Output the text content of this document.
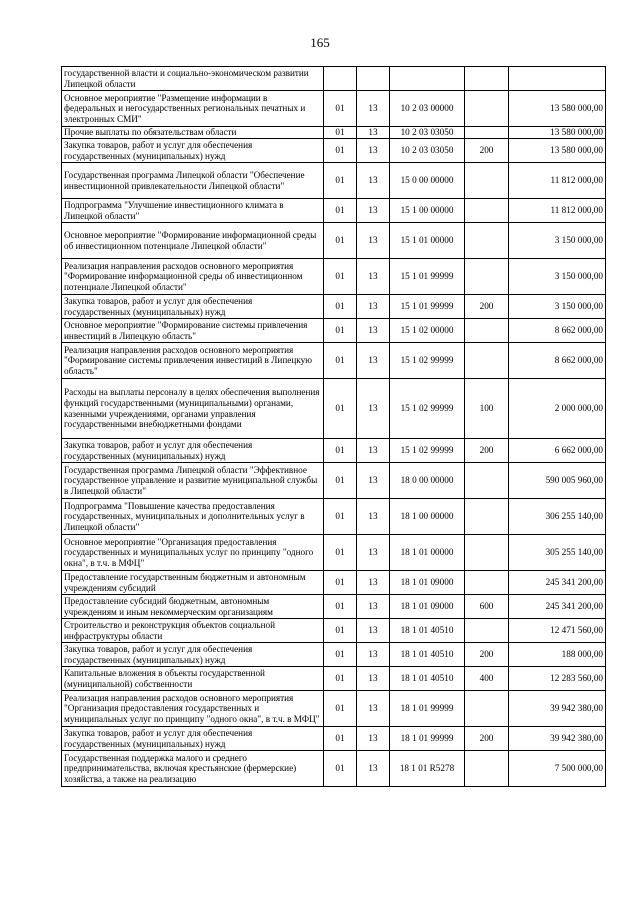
165
государственной власти и социально-экономическом развитии Липецкой области					
Основное мероприятие "Размещение информации в федеральных и негосударственных региональных печатных и электронных СМИ"	01	13	10 2 03 00000		13 580 000,00
Прочие выплаты по обязательствам области	01	13	10 2 03 03050		13 580 000,00
Закупка товаров, работ и услуг для обеспечения государственных (муниципальных) нужд	01	13	10 2 03 03050	200	13 580 000,00
Государственная программа Липецкой области "Обеспечение инвестиционной привлекательности Липецкой области"	01	13	15 0 00 00000		11 812 000,00
Подпрограмма "Улучшение инвестиционного климата в Липецкой области"	01	13	15 1 00 00000		11 812 000,00
Основное мероприятие "Формирование информационной среды об инвестиционном потенциале Липецкой области"	01	13	15 1 01 00000		3 150 000,00
Реализация направления расходов основного мероприятия "Формирование информационной среды об инвестиционном потенциале Липецкой области"	01	13	15 1 01 99999		3 150 000,00
Закупка товаров, работ и услуг для обеспечения государственных (муниципальных) нужд	01	13	15 1 01 99999	200	3 150 000,00
Основное мероприятие "Формирование системы привлечения инвестиций в Липецкую область"	01	13	15 1 02 00000		8 662 000,00
Реализация направления расходов основного мероприятия "Формирование системы привлечения инвестиций в Липецкую область"	01	13	15 1 02 99999		8 662 000,00
Расходы на выплаты персоналу в целях обеспечения выполнения функций государственными (муниципальными) органами, казенными учреждениями, органами управления государственными внебюджетными фондами	01	13	15 1 02 99999	100	2 000 000,00
Закупка товаров, работ и услуг для обеспечения государственных (муниципальных) нужд	01	13	15 1 02 99999	200	6 662 000,00
Государственная программа Липецкой области "Эффективное государственное управление и развитие муниципальной службы в Липецкой области"	01	13	18 0 00 00000		590 005 960,00
Подпрограмма "Повышение качества предоставления государственных, муниципальных и дополнительных услуг в Липецкой области"	01	13	18 1 00 00000		306 255 140,00
Основное мероприятие "Организация предоставления государственных и муниципальных услуг по принципу "одного окна", в т.ч. в МФЦ"	01	13	18 1 01 00000		305 255 140,00
Предоставление государственным бюджетным и автономным учреждениям субсидий	01	13	18 1 01 09000		245 341 200,00
Предоставление субсидий бюджетным, автономным учреждениям и иным некоммерческим организациям	01	13	18 1 01 09000	600	245 341 200,00
Строительство и реконструкция объектов социальной инфраструктуры области	01	13	18 1 01 40510		12 471 560,00
Закупка товаров, работ и услуг для обеспечения государственных (муниципальных) нужд	01	13	18 1 01 40510	200	188 000,00
Капитальные вложения в объекты государственной (муниципальной) собственности	01	13	18 1 01 40510	400	12 283 560,00
Реализация направления расходов основного мероприятия "Организация предоставления государственных и муниципальных услуг по принципу "одного окна", в т.ч. в МФЦ"	01	13	18 1 01 99999		39 942 380,00
Закупка товаров, работ и услуг для обеспечения государственных (муниципальных) нужд	01	13	18 1 01 99999	200	39 942 380,00
Государственная поддержка малого и среднего предпринимательства, включая крестьянские (фермерские) хозяйства, а также на реализацию	01	13	18 1 01 R5278		7 500 000,00
